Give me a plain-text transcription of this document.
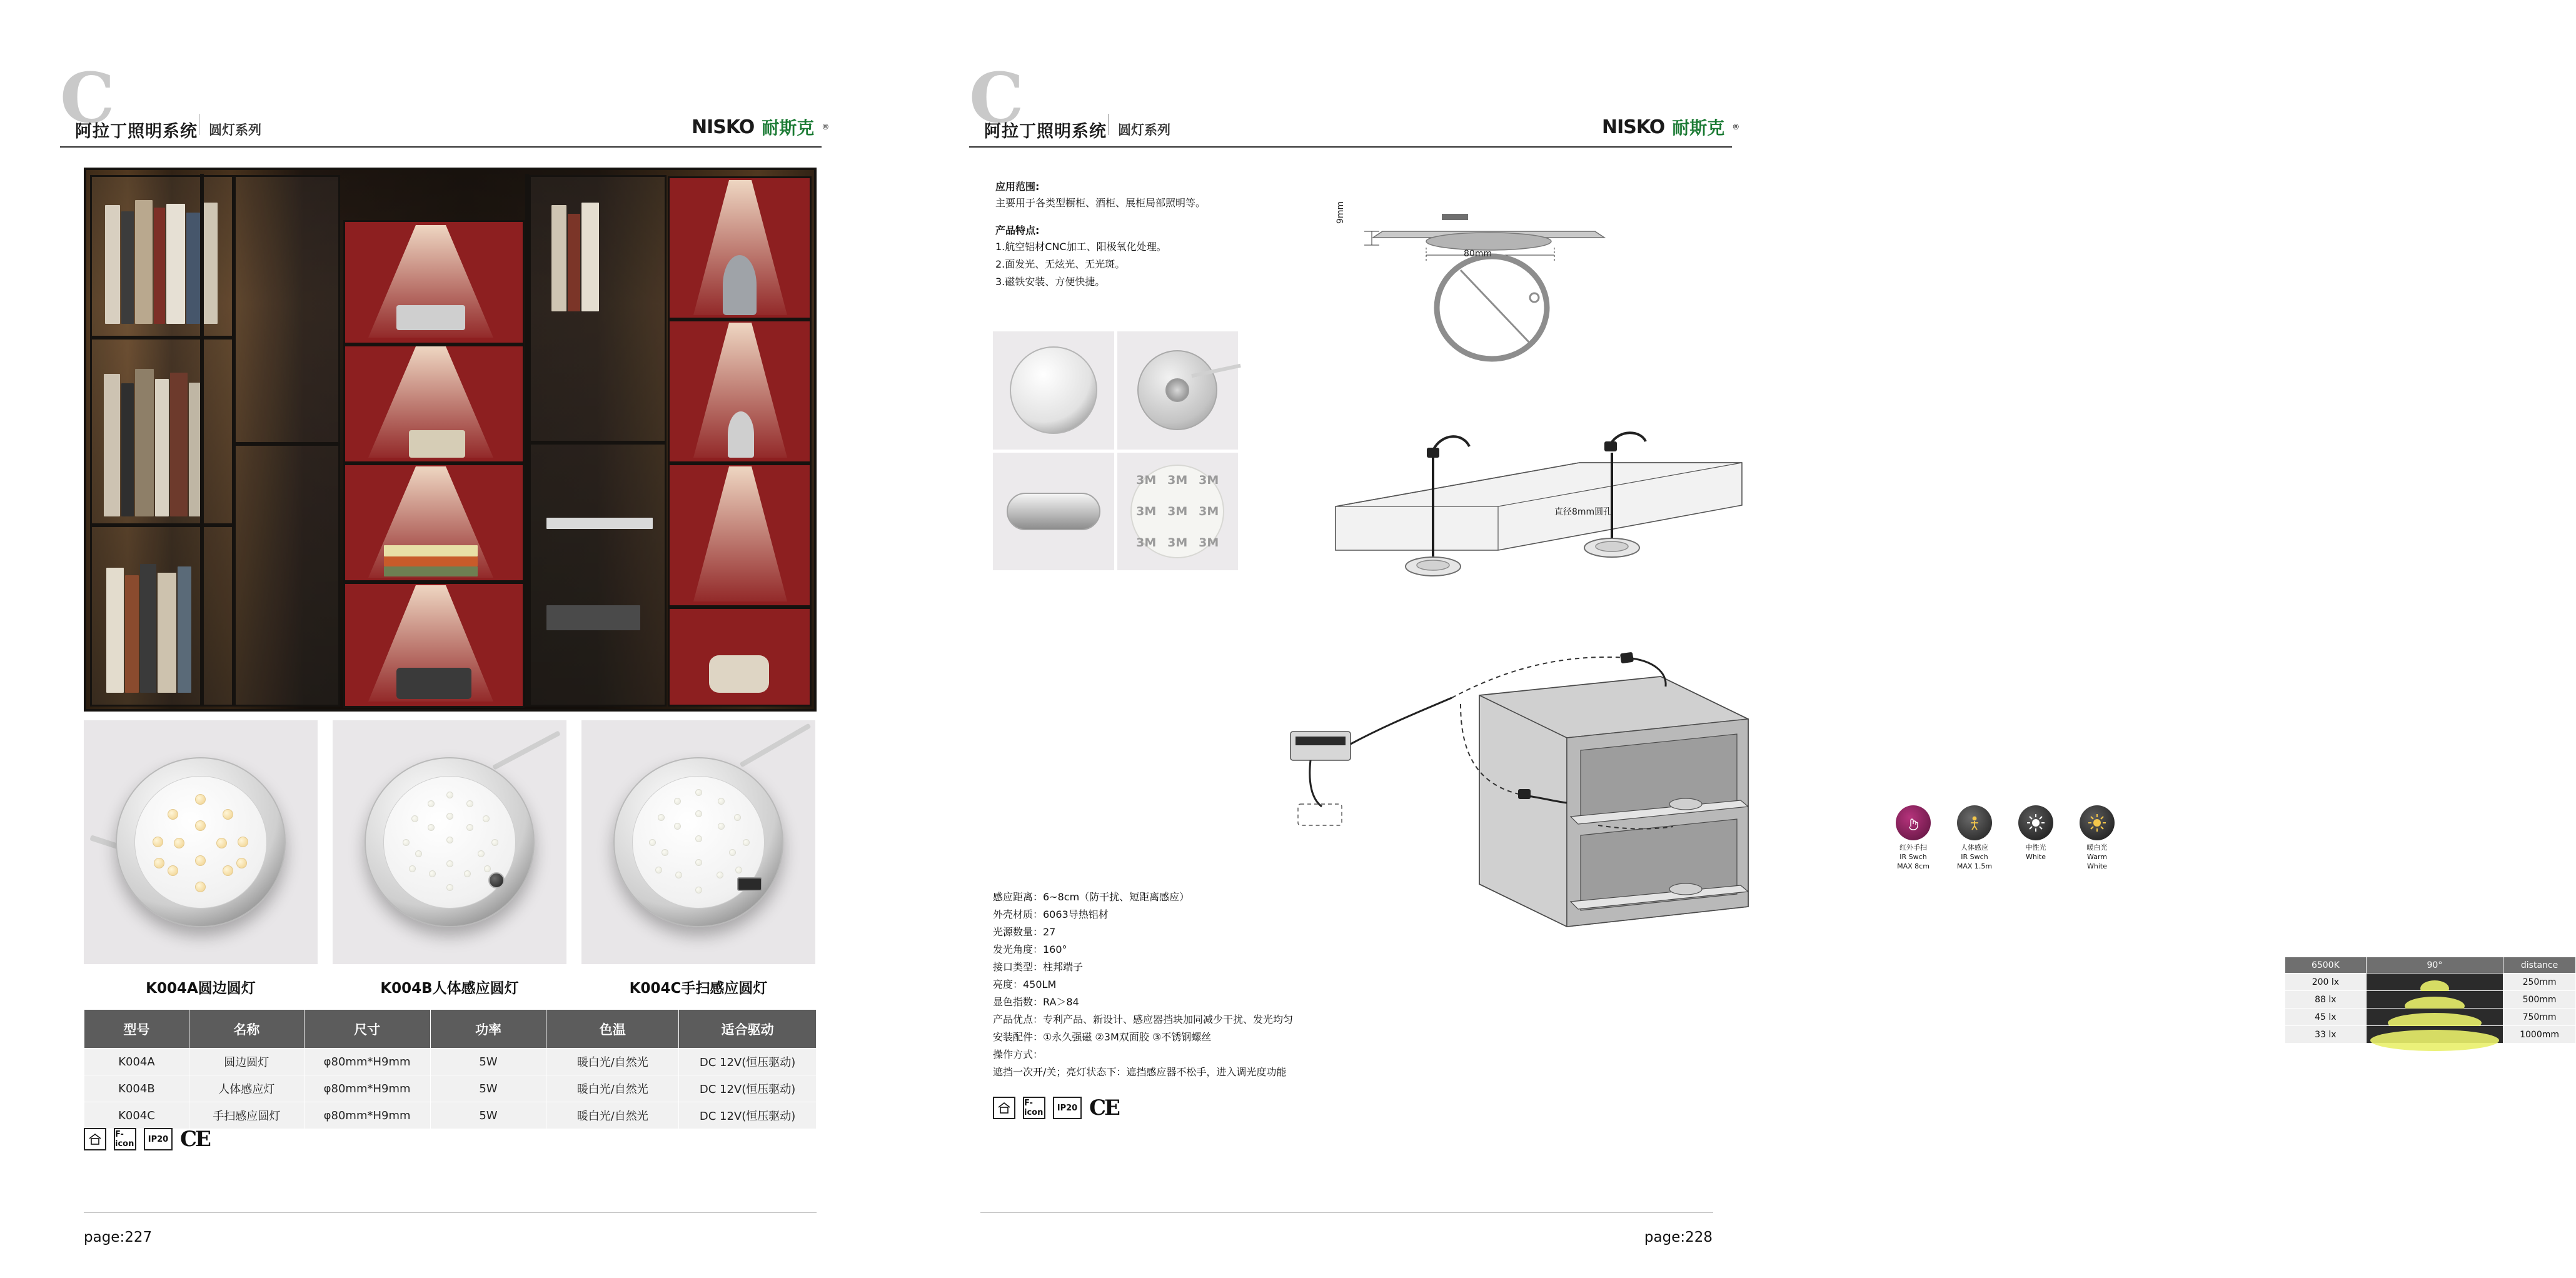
C
阿拉丁照明系统 圆灯系列	NISKO 耐斯克	®
K004A圆边圆灯	K004B人体感应圆灯	K004C手扫感应圆灯
型号	名称	尺寸	功率	色温	适合驱动
K004A	圆边圆灯	φ80mm*H9mm	5W	暖白光/自然光	DC 12V(恒压驱动)
K004B	人体感应灯	φ80mm*H9mm	5W	暖白光/自然光	DC 12V(恒压驱动)
K004C	手扫感应圆灯	φ80mm*H9mm	5W	暖白光/自然光	DC 12V(恒压驱动)
F-icon IP20 CE
page:227
C
阿拉丁照明系统 圆灯系列	NISKO 耐斯克	®
应用范围:
主要用于各类型橱柜、酒柜、展柜局部照明等。
产品特点:
1.航空铝材CNC加工、阳极氧化处理。
2.面发光、无炫光、无光斑。
3.磁铁安装、方便快捷。
3M 3M 3M
3M 3M 3M
3M 3M 3M
9mm
80mm
直径8mm圆孔
红外手扫
IR Swch
MAX 8cm
人体感应
IR Swch
MAX 1.5m
中性光
White
暖白光
Warm
White
感应距离：6~8cm（防干扰、短距离感应）
外壳材质：6063导热铝材
光源数量：27
发光角度：160°
接口类型：柱邦端子
亮度：450LM
显色指数：RA＞84
产品优点：专利产品、新设计、感应器挡块加同减少干扰、发光均匀
安装配件：①永久强磁 ②3M双面胶 ③不锈钢螺丝
操作方式：
遮挡一次开/关；亮灯状态下：遮挡感应器不松手，进入调光度功能
F-icon IP20 CE
6500K	90°	distance
200 lx		250mm
88 lx		500mm
45 lx		750mm
33 lx		1000mm
page:228
